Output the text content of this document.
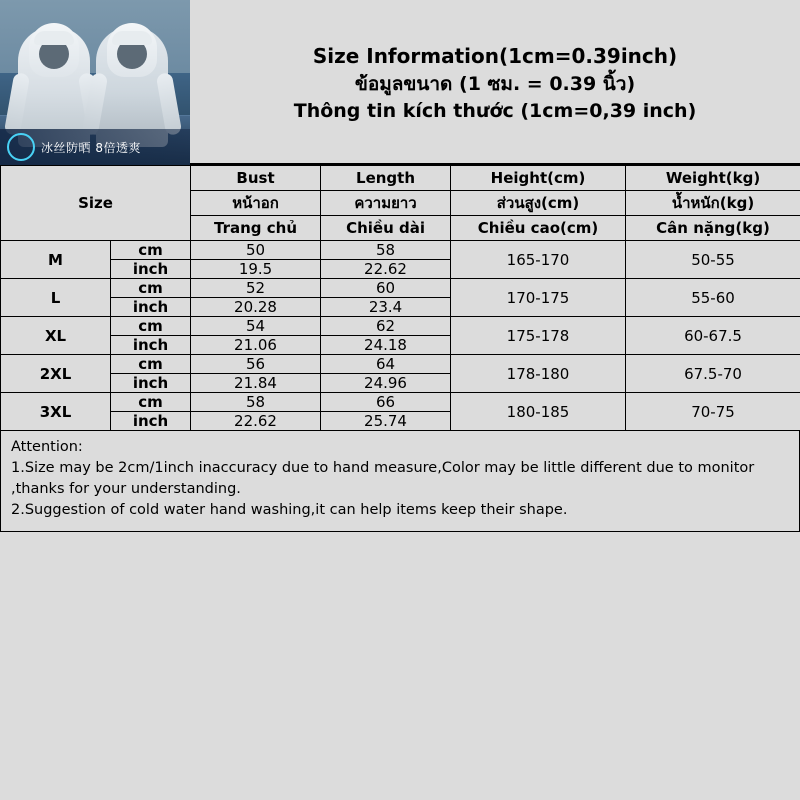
冰丝防晒 8倍透爽
Size Information(1cm=0.39inch)
ข้อมูลขนาด (1 ซม. = 0.39 นิ้ว)
Thông tin kích thước (1cm=0,39 inch)
Size		Bust	Length	Height(cm)	Weight(kg)
		หน้าอก	ความยาว	ส่วนสูง(cm)	น้ำหนัก(kg)
		Trang chủ	Chiều dài	Chiều cao(cm)	Cân nặng(kg)
M	cm	50	58	165-170	50-55
	inch	19.5	22.62		
L	cm	52	60	170-175	55-60
	inch	20.28	23.4		
XL	cm	54	62	175-178	60-67.5
	inch	21.06	24.18		
2XL	cm	56	64	178-180	67.5-70
	inch	21.84	24.96		
3XL	cm	58	66	180-185	70-75
	inch	22.62	25.74		
Attention:
1.Size may be 2cm/1inch inaccuracy due to hand measure,Color may be little different due to monitor ,thanks for your understanding.
2.Suggestion of cold water hand washing,it can help items keep their shape.
